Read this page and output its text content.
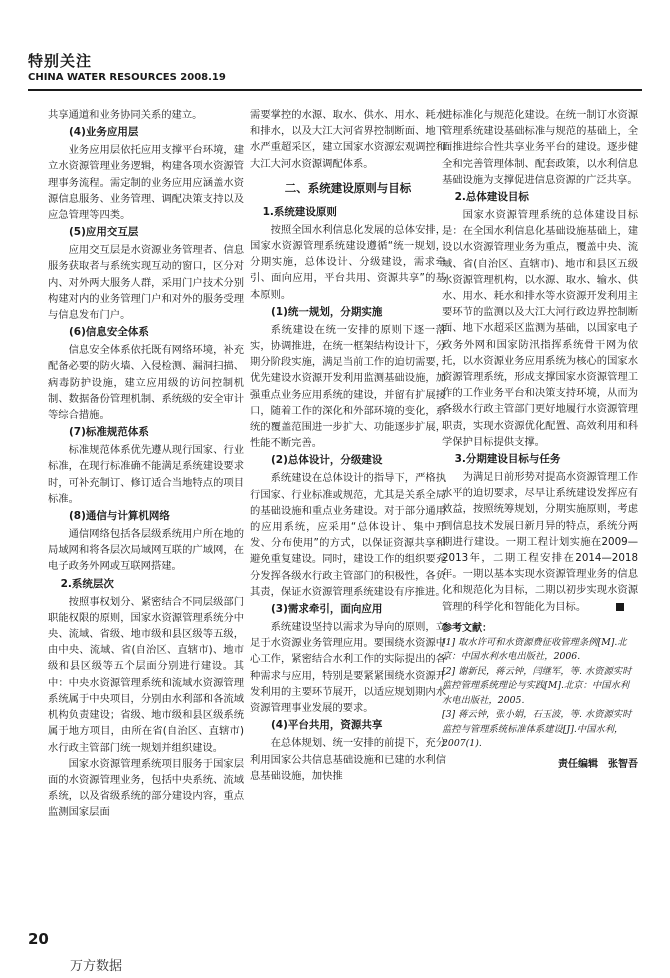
特别关注
CHINA WATER RESOURCES 2008.19

共享通道和业务协同关系的建立。

(4)业务应用层

业务应用层依托应用支撑平台环境，建立水资源管理业务逻辑，构建各项水资源管理事务流程。需定制的业务应用应涵盖水资源信息服务、业务管理、调配决策支持以及应急管理等四类。

(5)应用交互层

应用交互层是水资源业务管理者、信息服务获取者与系统实现互动的窗口，区分对内、对外两大服务人群，采用门户技术分别构建对内的业务管理门户和对外的服务受理与信息发布门户。

(6)信息安全体系

信息安全体系依托既有网络环境，补充配备必要的防火墙、入侵检测、漏洞扫描、病毒防护设施，建立应用级的访问控制机制、数据备份管理机制、系统级的安全审计等综合措施。

(7)标准规范体系

标准规范体系优先遵从现行国家、行业标准，在现行标准确不能满足系统建设要求时，可补充制订、修订适合当地特点的项目标准。

(8)通信与计算机网络

通信网络包括各层级系统用户所在地的局域网和将各层次局域网互联的广域网，在电子政务外网或互联网搭建。

2.系统层次

按照事权划分、紧密结合不同层级部门职能权限的原则，国家水资源管理系统分中央、流域、省级、地市级和县区级等五级，由中央、流域、省(自治区、直辖市)、地市级和县区级等五个层面分别进行建设。其中：中央水资源管理系统和流域水资源管理系统属于中央项目，分别由水利部和各流域机构负责建设；省级、地市级和县区级系统属于地方项目，由所在省(自治区、直辖市)水行政主管部门统一规划并组织建设。

国家水资源管理系统项目服务于国家层面的水资源管理业务，包括中央系统、流域系统，以及省级系统的部分建设内容，重点监测国家层面

需要掌控的水源、取水、供水、用水、耗水和排水，以及大江大河省界控制断面、地下水严重超采区，建立国家水资源宏观调控和大江大河水资源调配体系。

二、系统建设原则与目标
1.系统建设原则

按照全国水利信息化发展的总体安排，国家水资源管理系统建设遵循“统一规划，分期实施，总体设计、分级建设，需求牵引、面向应用，平台共用、资源共享”的基本原则。

(1)统一规划，分期实施

系统建设在统一安排的原则下逐一落实，协调推进，在统一框架结构设计下，分期分阶段实施，满足当前工作的迫切需要，优先建设水资源开发利用监测基础设施，加强重点业务应用系统的建设，并留有扩展接口，随着工作的深化和外部环境的变化，系统的覆盖范围进一步扩大、功能逐步扩展，性能不断完善。

(2)总体设计，分级建设

系统建设在总体设计的指导下，严格执行国家、行业标准或规范，尤其是关系全局的基础设施和重点业务建设。对于部分通用的应用系统，应采用“总体设计、集中开发、分布使用”的方式，以保证资源共享和避免重复建设。同时，建设工作的组织要充分发挥各级水行政主管部门的积极性，各负其责，保证水资源管理系统建设有序推进。

(3)需求牵引，面向应用

系统建设坚持以需求为导向的原则，立足于水资源业务管理应用。要围绕水资源中心工作，紧密结合水利工作的实际提出的各种需求与应用，特别是要紧紧围绕水资源开发利用的主要环节展开，以适应规划期内水资源管理事业发展的要求。

(4)平台共用，资源共享

在总体规划、统一安排的前提下，充分利用国家公共信息基础设施和已建的水利信息基础设施，加快推

进标准化与规范化建设。在统一制订水资源管理系统建设基础标准与规范的基础上，全面推进综合性共享业务平台的建设。逐步健全和完善管理体制、配套政策，以水利信息基础设施为支撑促进信息资源的广泛共享。

2.总体建设目标

国家水资源管理系统的总体建设目标是：在全国水利信息化基础设施基础上，建设以水资源管理业务为重点，覆盖中央、流域、省(自治区、直辖市)、地市和县区五级水资源管理机构，以水源、取水、输水、供水、用水、耗水和排水等水资源开发利用主要环节的监测以及大江大河行政边界控制断面、地下水超采区监测为基础，以国家电子政务外网和国家防汛指挥系统骨干网为依托，以水资源业务应用系统为核心的国家水资源管理系统，形成支撑国家水资源管理工作的工作业务平台和决策支持环境，从而为各级水行政主管部门更好地履行水资源管理职责，实现水资源优化配置、高效利用和科学保护目标提供支撑。

3.分期建设目标与任务

为满足日前形势对提高水资源管理工作水平的迫切要求，尽早让系统建设发挥应有效益，按照统筹规划，分期实施原则，考虑到信息技术发展日新月异的特点，系统分两期进行建设。一期工程计划实施在2009—2013年，二期工程安排在2014—2018年。一期以基本实现水资源管理业务的信息化和规范化为目标，二期以初步实现水资源管理的科学化和智能化为目标。

参考文献：

[1] 取水许可和水资源费征收管理条例[M].北京：中国水利水电出版社，2006.

[2] 谢新民，蒋云钟，闫继军，等. 水资源实时监控管理系统理论与实践[M].北京：中国水利水电出版社，2005.

[3] 蒋云钟，张小娟，石玉波，等. 水资源实时监控与管理系统标准体系建设[J].中国水利，2007(1).

责任编辑　张智吾
20
万方数据
